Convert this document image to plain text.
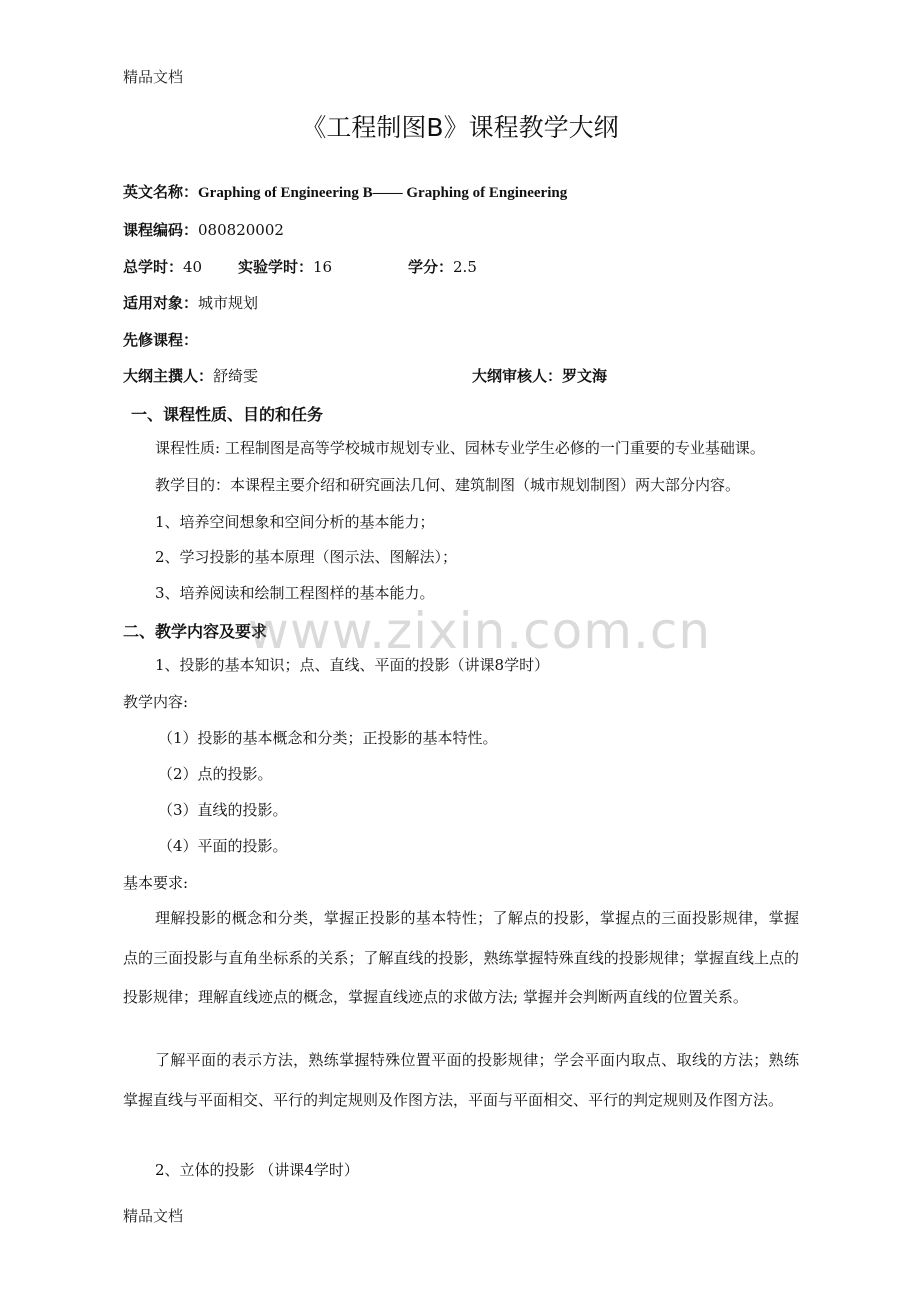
精品文档
《工程制图B》课程教学大纲
英文名称：Graphing of Engineering B—— Graphing of Engineering
课程编码：080820002
总学时：40 实验学时：16	学分：2.5
适用对象：城市规划
先修课程：
大纲主撰人：舒绮雯	大纲审核人：罗文海
一、课程性质、目的和任务
课程性质: 工程制图是高等学校城市规划专业、园林专业学生必修的一门重要的专业基础课。
教学目的：本课程主要介绍和研究画法几何、建筑制图（城市规划制图）两大部分内容。
1、培养空间想象和空间分析的基本能力；
2、学习投影的基本原理（图示法、图解法）；
3、培养阅读和绘制工程图样的基本能力。
二、教学内容及要求
1、投影的基本知识；点、直线、平面的投影（讲课8学时）
教学内容:
（1）投影的基本概念和分类；正投影的基本特性。
（2）点的投影。
（3）直线的投影。
（4）平面的投影。
基本要求:
理解投影的概念和分类，掌握正投影的基本特性；了解点的投影，掌握点的三面投影规律，掌握点的三面投影与直角坐标系的关系；了解直线的投影，熟练掌握特殊直线的投影规律；掌握直线上点的投影规律；理解直线迹点的概念，掌握直线迹点的求做方法; 掌握并会判断两直线的位置关系。
了解平面的表示方法，熟练掌握特殊位置平面的投影规律；学会平面内取点、取线的方法；熟练掌握直线与平面相交、平行的判定规则及作图方法，平面与平面相交、平行的判定规则及作图方法。
2、立体的投影 （讲课4学时）
精品文档
www.zixin.com.cn
